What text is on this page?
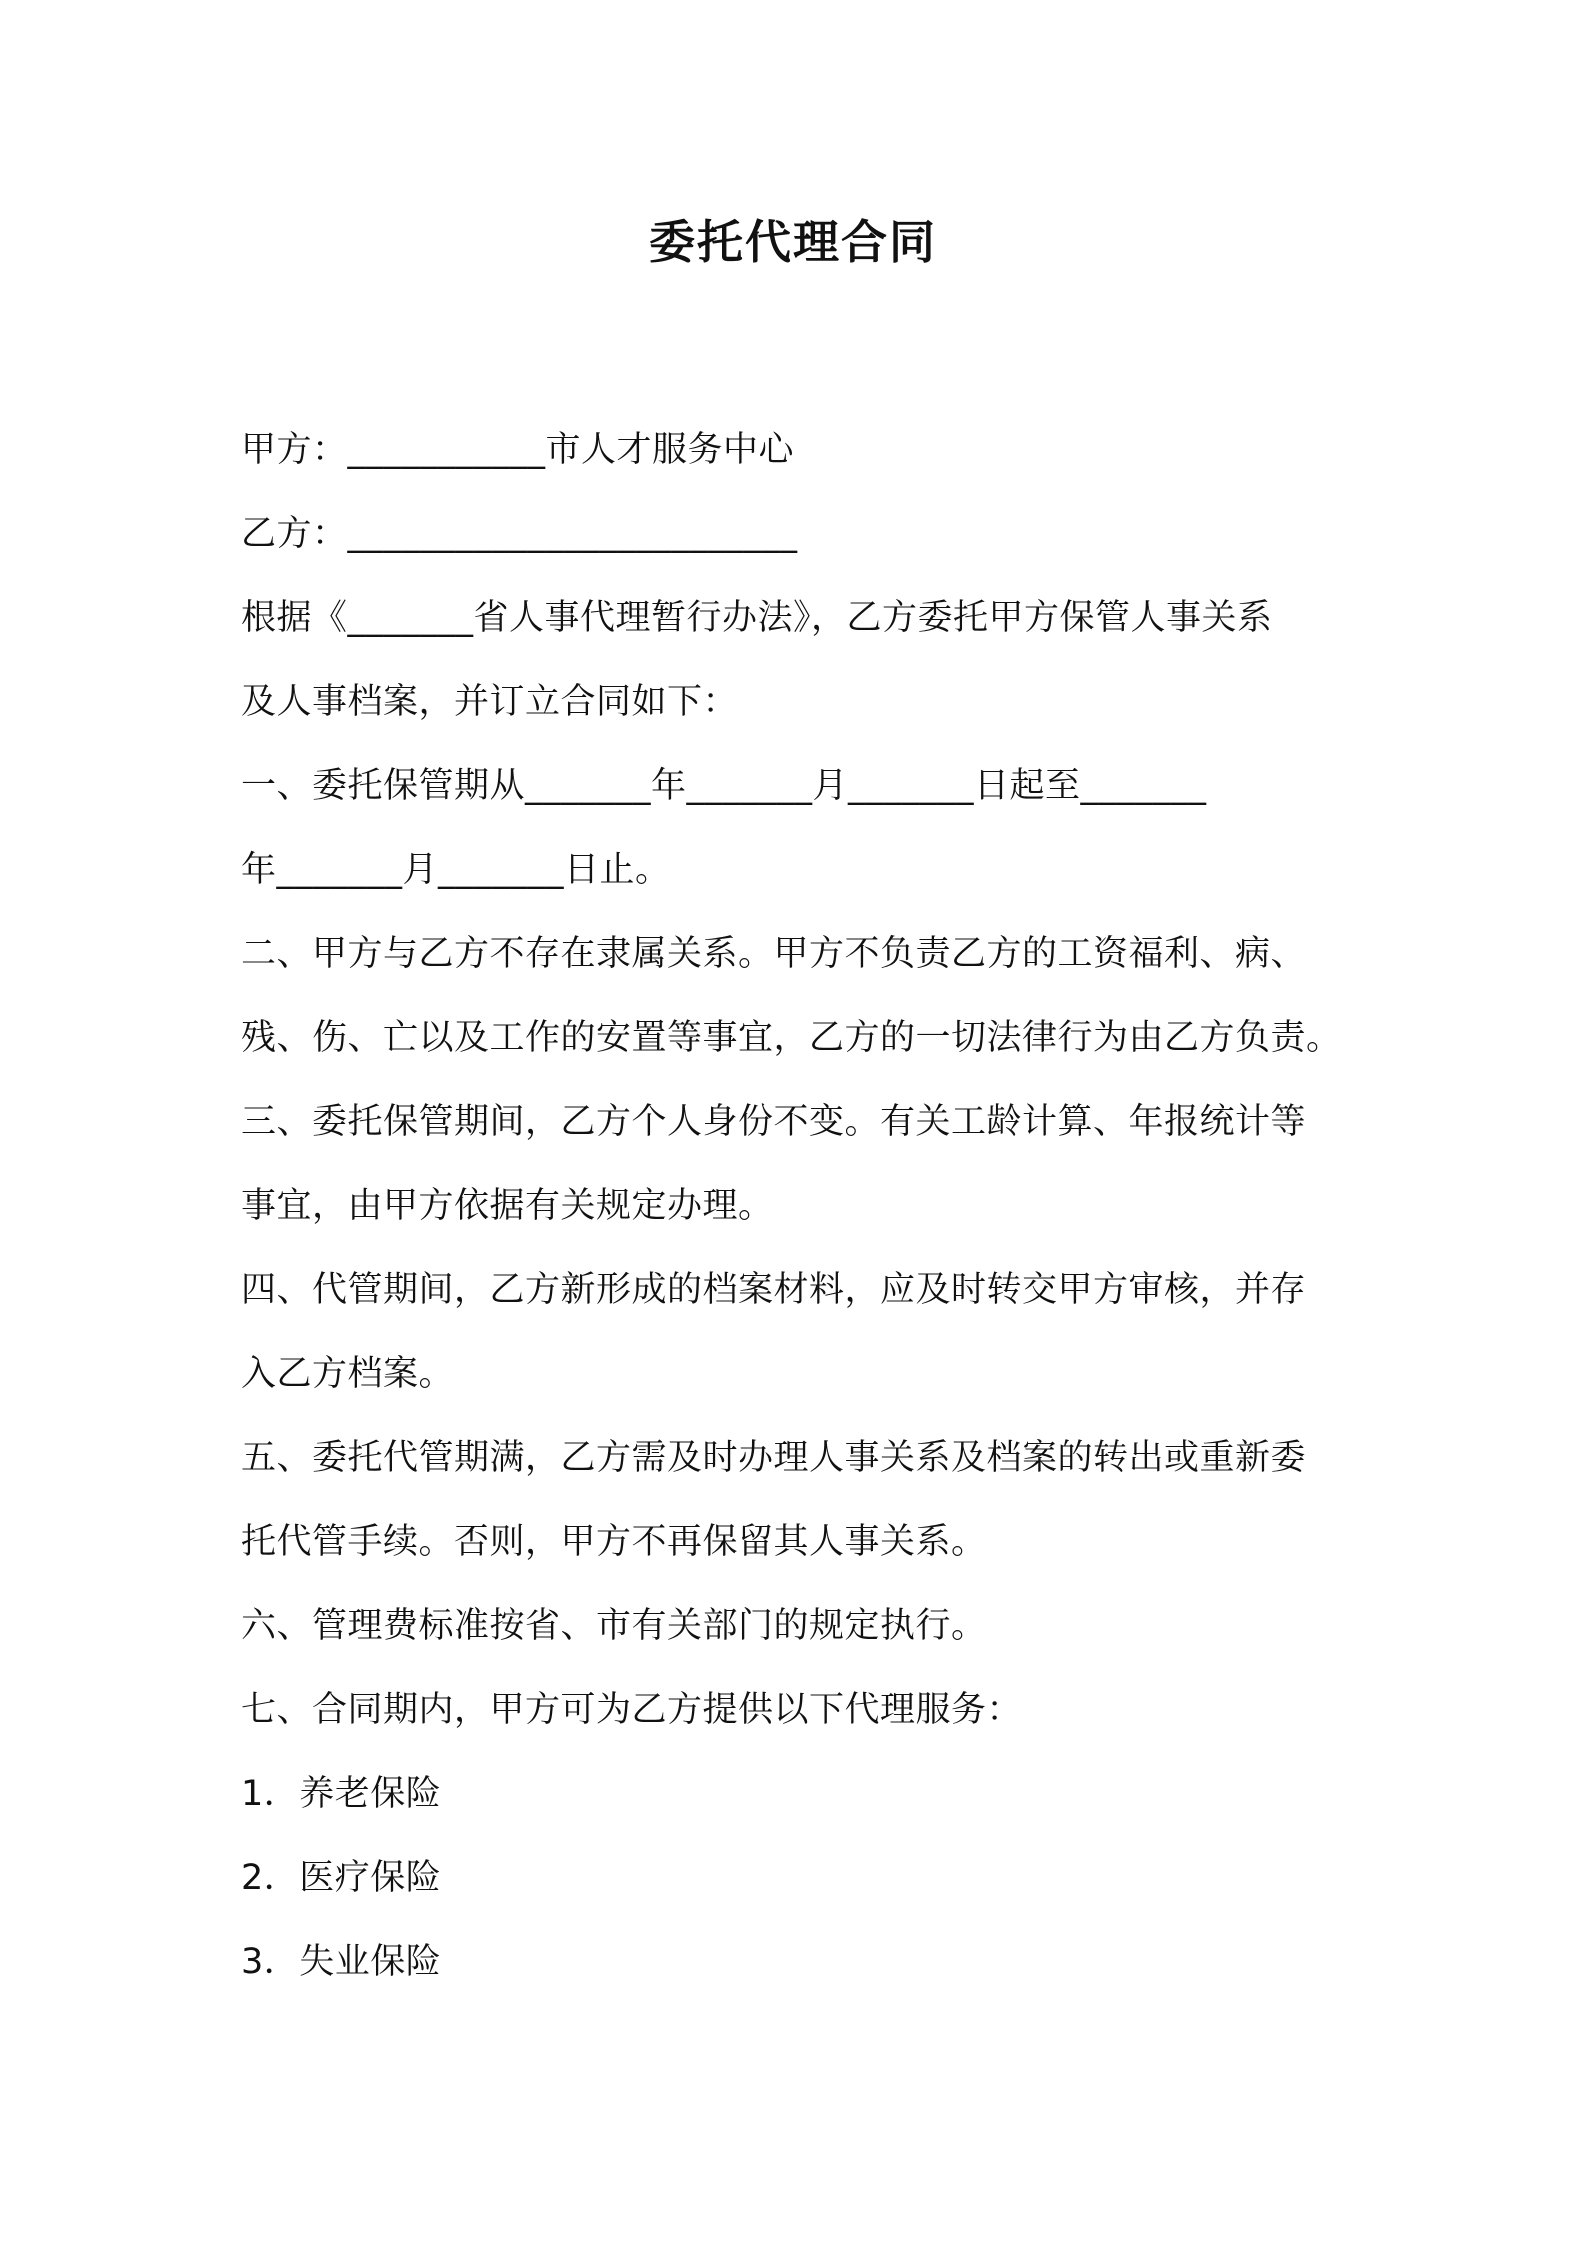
委托代理合同
甲方：___________市人才服务中心
乙方：_________________________
根据《_______省人事代理暂行办法》，乙方委托甲方保管人事关系
及人事档案，并订立合同如下：
一、委托保管期从_______年_______月_______日起至_______
年_______月_______日止。
二、甲方与乙方不存在隶属关系。甲方不负责乙方的工资福利、病、
残、伤、亡以及工作的安置等事宜，乙方的一切法律行为由乙方负责。
三、委托保管期间，乙方个人身份不变。有关工龄计算、年报统计等
事宜，由甲方依据有关规定办理。
四、代管期间，乙方新形成的档案材料，应及时转交甲方审核，并存
入乙方档案。
五、委托代管期满，乙方需及时办理人事关系及档案的转出或重新委
托代管手续。否则，甲方不再保留其人事关系。
六、管理费标准按省、市有关部门的规定执行。
七、合同期内，甲方可为乙方提供以下代理服务：
1．养老保险
2．医疗保险
3．失业保险
